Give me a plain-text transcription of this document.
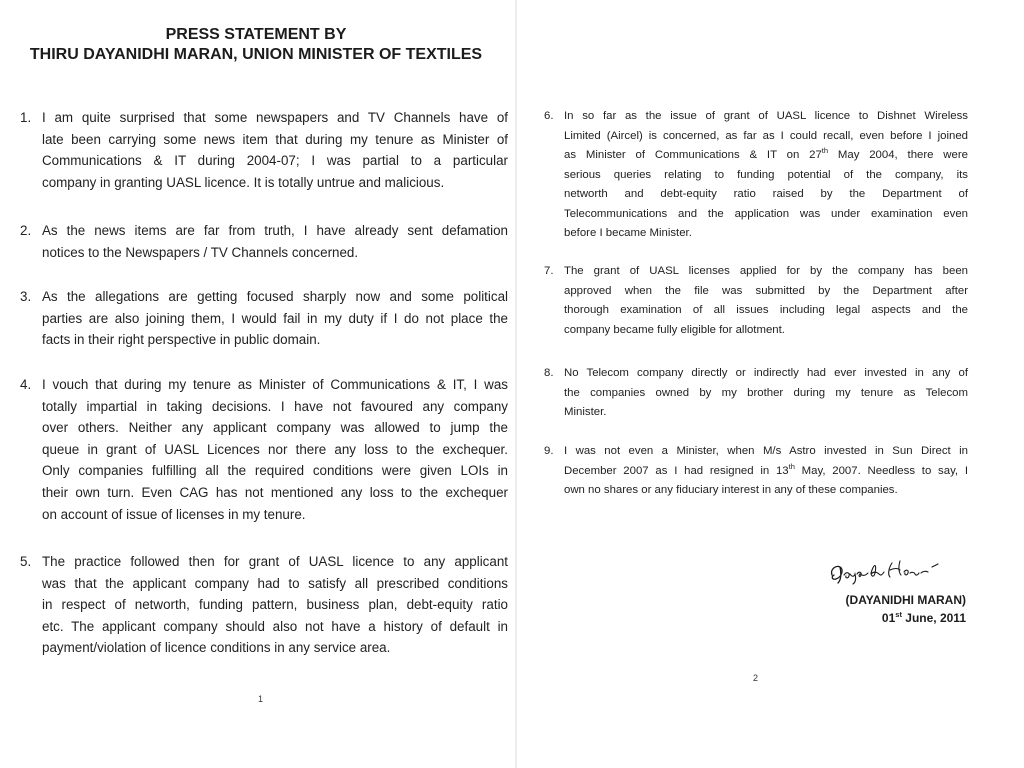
PRESS STATEMENT BY
THIRU DAYANIDHI MARAN, UNION MINISTER OF TEXTILES
1. I am quite surprised that some newspapers and TV Channels have of
late been carrying some news item that during my tenure as Minister of
Communications & IT during 2004-07; I was partial to a particular
company in granting UASL licence. It is totally untrue and malicious.
2. As the news items are far from truth, I have already sent defamation
notices to the Newspapers / TV Channels concerned.
3. As the allegations are getting focused sharply now and some political
parties are also joining them, I would fail in my duty if I do not place the
facts in their right perspective in public domain.
4. I vouch that during my tenure as Minister of Communications & IT, I was
totally impartial in taking decisions. I have not favoured any company
over others. Neither any applicant company was allowed to jump the
queue in grant of UASL Licences nor there any loss to the exchequer.
Only companies fulfilling all the required conditions were given LOIs in
their own turn. Even CAG has not mentioned any loss to the exchequer
on account of issue of licenses in my tenure.
5. The practice followed then for grant of UASL licence to any applicant
was that the applicant company had to satisfy all prescribed conditions
in respect of networth, funding pattern, business plan, debt-equity ratio
etc. The applicant company should also not have a history of default in
payment/violation of licence conditions in any service area.
1
6. In so far as the issue of grant of UASL licence to Dishnet Wireless
Limited (Aircel) is concerned, as far as I could recall, even before I joined
as Minister of Communications & IT on 27th May 2004, there were
serious queries relating to funding potential of the company, its
networth and debt-equity ratio raised by the Department of
Telecommunications and the application was under examination even
before I became Minister.
7. The grant of UASL licenses applied for by the company has been
approved when the file was submitted by the Department after
thorough examination of all issues including legal aspects and the
company became fully eligible for allotment.
8. No Telecom company directly or indirectly had ever invested in any of
the companies owned by my brother during my tenure as Telecom
Minister.
9. I was not even a Minister, when M/s Astro invested in Sun Direct in
December 2007 as I had resigned in 13th May, 2007. Needless to say, I
own no shares or any fiduciary interest in any of these companies.
(DAYANIDHI MARAN)
01st June, 2011
2
